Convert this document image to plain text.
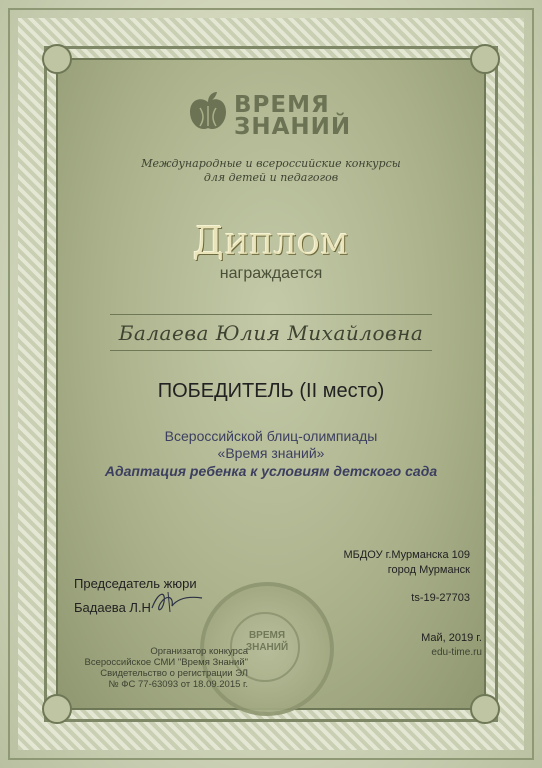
ВРЕМЯ
ЗНАНИЙ
Международные и всероссийские конкурсы
для детей и педагогов
Диплом
награждается
Балаева Юлия Михайловна
ПОБЕДИТЕЛЬ (II место)
Всероссийской блиц-олимпиады
«Время знаний»
Адаптация ребенка к условиям детского сада
МБДОУ г.Мурманска 109
город Мурманск
ts-19-27703
Председатель жюри
Бадаева Л.Н
ВРЕМЯ
ЗНАНИЙ
Организатор конкурса
Всероссийское СМИ "Время Знаний"
Свидетельство о регистрации ЭЛ
№ ФС 77-63093 от 18.09.2015 г.
Май, 2019 г.
edu-time.ru
